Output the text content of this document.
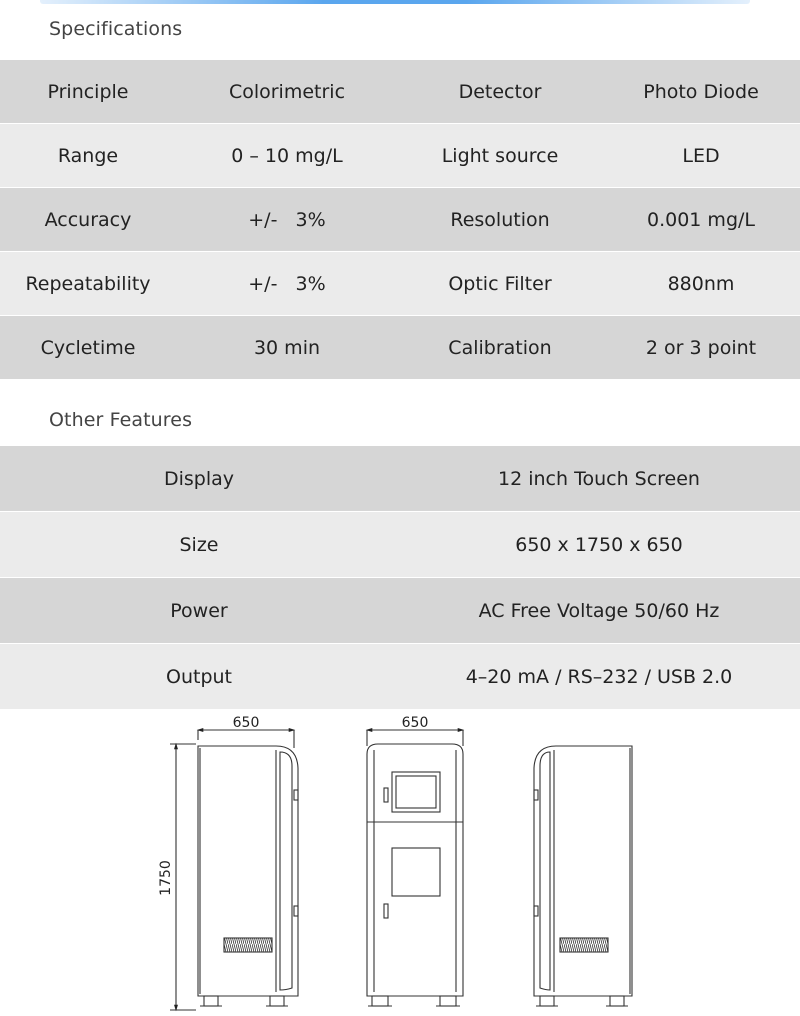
Specifications
Principle	Colorimetric	Detector	Photo Diode
Range	0 – 10 mg/L	Light source	LED
Accuracy	+/-   3%	Resolution	0.001 mg/L
Repeatability	+/-   3%	Optic Filter	880nm
Cycletime	30 min	Calibration	2 or 3 point
Other Features
Display	12 inch Touch Screen
Size	650 x 1750 x 650
Power	AC Free Voltage 50/60 Hz
Output	4–20 mA / RS–232 / USB 2.0
650
1750
650
